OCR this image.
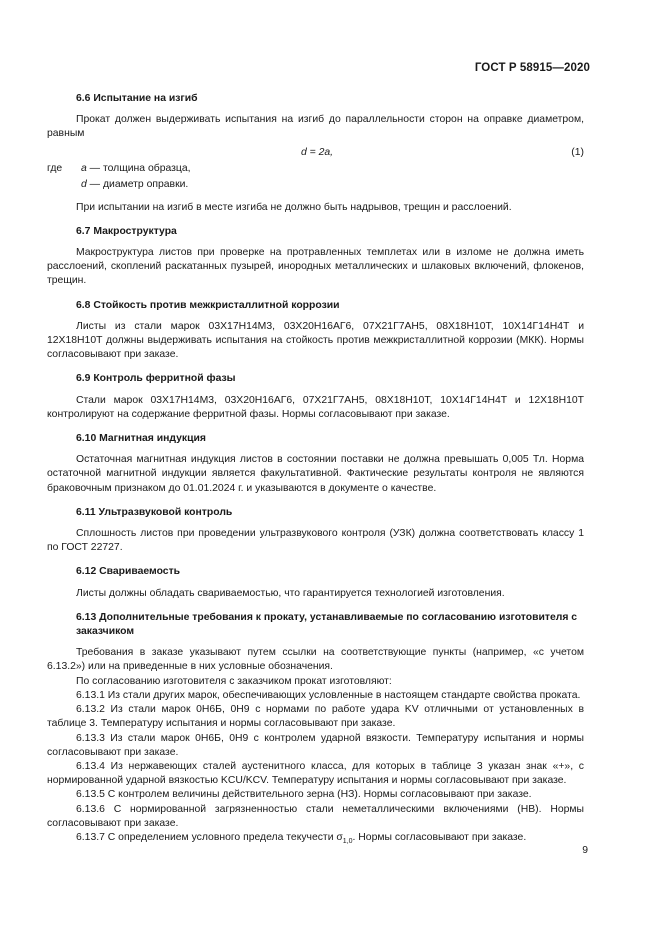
ГОСТ Р 58915—2020

6.6 Испытание на изгиб

Прокат должен выдерживать испытания на изгиб до параллельности сторон на оправке диаметром, равным

d = 2a,	(1)
где a — толщина образца,
d — диаметр оправки.

При испытании на изгиб в месте изгиба не должно быть надрывов, трещин и расслоений.

6.7 Макроструктура

Макроструктура листов при проверке на протравленных темплетах или в изломе не должна иметь расслоений, скоплений раскатанных пузырей, инородных металлических и шлаковых включений, флокенов, трещин.

6.8 Стойкость против межкристаллитной коррозии

Листы из стали марок 03Х17Н14М3, 03Х20Н16АГ6, 07Х21Г7АН5, 08Х18Н10Т, 10Х14Г14Н4Т и 12Х18Н10Т должны выдерживать испытания на стойкость против межкристаллитной коррозии (МКК). Нормы согласовывают при заказе.

6.9 Контроль ферритной фазы

Стали марок 03Х17Н14М3, 03Х20Н16АГ6, 07Х21Г7АН5, 08Х18Н10Т, 10Х14Г14Н4Т и 12Х18Н10Т контролируют на содержание ферритной фазы. Нормы согласовывают при заказе.

6.10 Магнитная индукция

Остаточная магнитная индукция листов в состоянии поставки не должна превышать 0,005 Тл. Норма остаточной магнитной индукции является факультативной. Фактические результаты контроля не являются браковочным признаком до 01.01.2024 г. и указываются в документе о качестве.

6.11 Ультразвуковой контроль

Сплошность листов при проведении ультразвукового контроля (УЗК) должна соответствовать классу 1 по ГОСТ 22727.

6.12 Свариваемость

Листы должны обладать свариваемостью, что гарантируется технологией изготовления.

6.13 Дополнительные требования к прокату, устанавливаемые по согласованию изготовителя с заказчиком

Требования в заказе указывают путем ссылки на соответствующие пункты (например, «с учетом 6.13.2») или на приведенные в них условные обозначения.

По согласованию изготовителя с заказчиком прокат изготовляют:

6.13.1 Из стали других марок, обеспечивающих условленные в настоящем стандарте свойства проката.

6.13.2 Из стали марок 0Н6Б, 0Н9 с нормами по работе удара KV отличными от установленных в таблице 3. Температуру испытания и нормы согласовывают при заказе.

6.13.3 Из стали марок 0Н6Б, 0Н9 с контролем ударной вязкости. Температуру испытания и нормы согласовывают при заказе.

6.13.4 Из нержавеющих сталей аустенитного класса, для которых в таблице 3 указан знак «+», с нормированной ударной вязкостью KCU/KCV. Температуру испытания и нормы согласовывают при заказе.

6.13.5 С контролем величины действительного зерна (НЗ). Нормы согласовывают при заказе.

6.13.6 С нормированной загрязненностью стали неметаллическими включениями (НВ). Нормы согласовывают при заказе.

6.13.7 С определением условного предела текучести $\sigma_{1,0}$. Нормы согласовывают при заказе.

9
